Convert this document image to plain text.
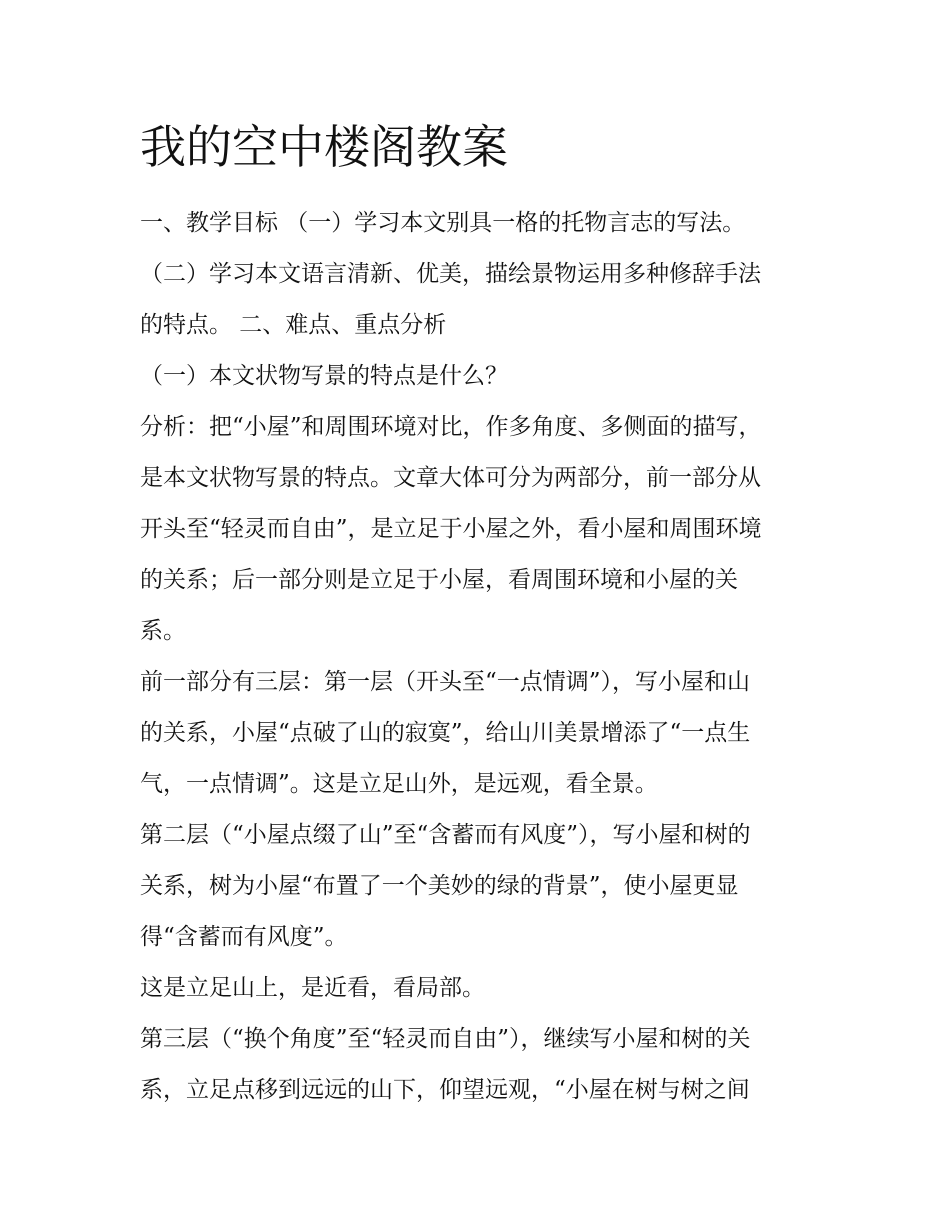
我的空中楼阁教案

一、教学目标 （一）学习本文别具一格的托物言志的写法。

（二）学习本文语言清新、优美，描绘景物运用多种修辞手法

的特点。 二、难点、重点分析

（一）本文状物写景的特点是什么？

分析：把“小屋”和周围环境对比，作多角度、多侧面的描写，

是本文状物写景的特点。文章大体可分为两部分，前一部分从

开头至“轻灵而自由”，是立足于小屋之外，看小屋和周围环境

的关系；后一部分则是立足于小屋，看周围环境和小屋的关

系。

前一部分有三层：第一层（开头至“一点情调”），写小屋和山

的关系，小屋“点破了山的寂寞”，给山川美景增添了“一点生

气，一点情调”。这是立足山外，是远观，看全景。

第二层（“小屋点缀了山”至“含蓄而有风度”），写小屋和树的

关系，树为小屋“布置了一个美妙的绿的背景”，使小屋更显

得“含蓄而有风度”。

这是立足山上，是近看，看局部。

第三层（“换个角度”至“轻灵而自由”），继续写小屋和树的关

系，立足点移到远远的山下，仰望远观，“小屋在树与树之间
